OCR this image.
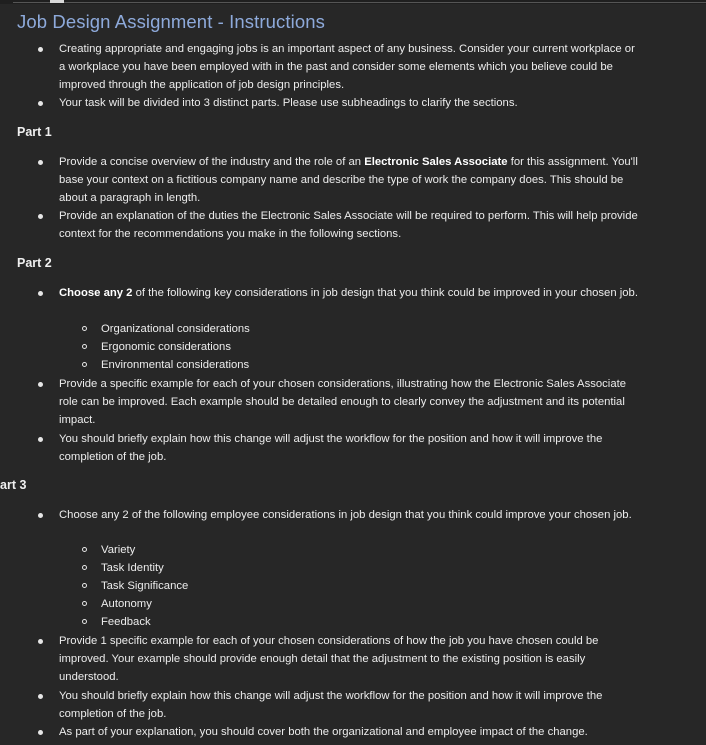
Job Design Assignment - Instructions
Creating appropriate and engaging jobs is an important aspect of any business. Consider your current workplace or a workplace you have been employed with in the past and consider some elements which you believe could be improved through the application of job design principles.
Your task will be divided into 3 distinct parts. Please use subheadings to clarify the sections.
Part 1
Provide a concise overview of the industry and the role of an Electronic Sales Associate for this assignment. You'll base your context on a fictitious company name and describe the type of work the company does. This should be about a paragraph in length.
Provide an explanation of the duties the Electronic Sales Associate will be required to perform. This will help provide context for the recommendations you make in the following sections.
Part 2
Choose any 2 of the following key considerations in job design that you think could be improved in your chosen job.
Organizational considerations
Ergonomic considerations
Environmental considerations
Provide a specific example for each of your chosen considerations, illustrating how the Electronic Sales Associate role can be improved. Each example should be detailed enough to clearly convey the adjustment and its potential impact.
You should briefly explain how this change will adjust the workflow for the position and how it will improve the completion of the job.
art 3
Choose any 2 of the following employee considerations in job design that you think could improve your chosen job.
Variety
Task Identity
Task Significance
Autonomy
Feedback
Provide 1 specific example for each of your chosen considerations of how the job you have chosen could be improved. Your example should provide enough detail that the adjustment to the existing position is easily understood.
You should briefly explain how this change will adjust the workflow for the position and how it will improve the completion of the job.
As part of your explanation, you should cover both the organizational and employee impact of the change.
